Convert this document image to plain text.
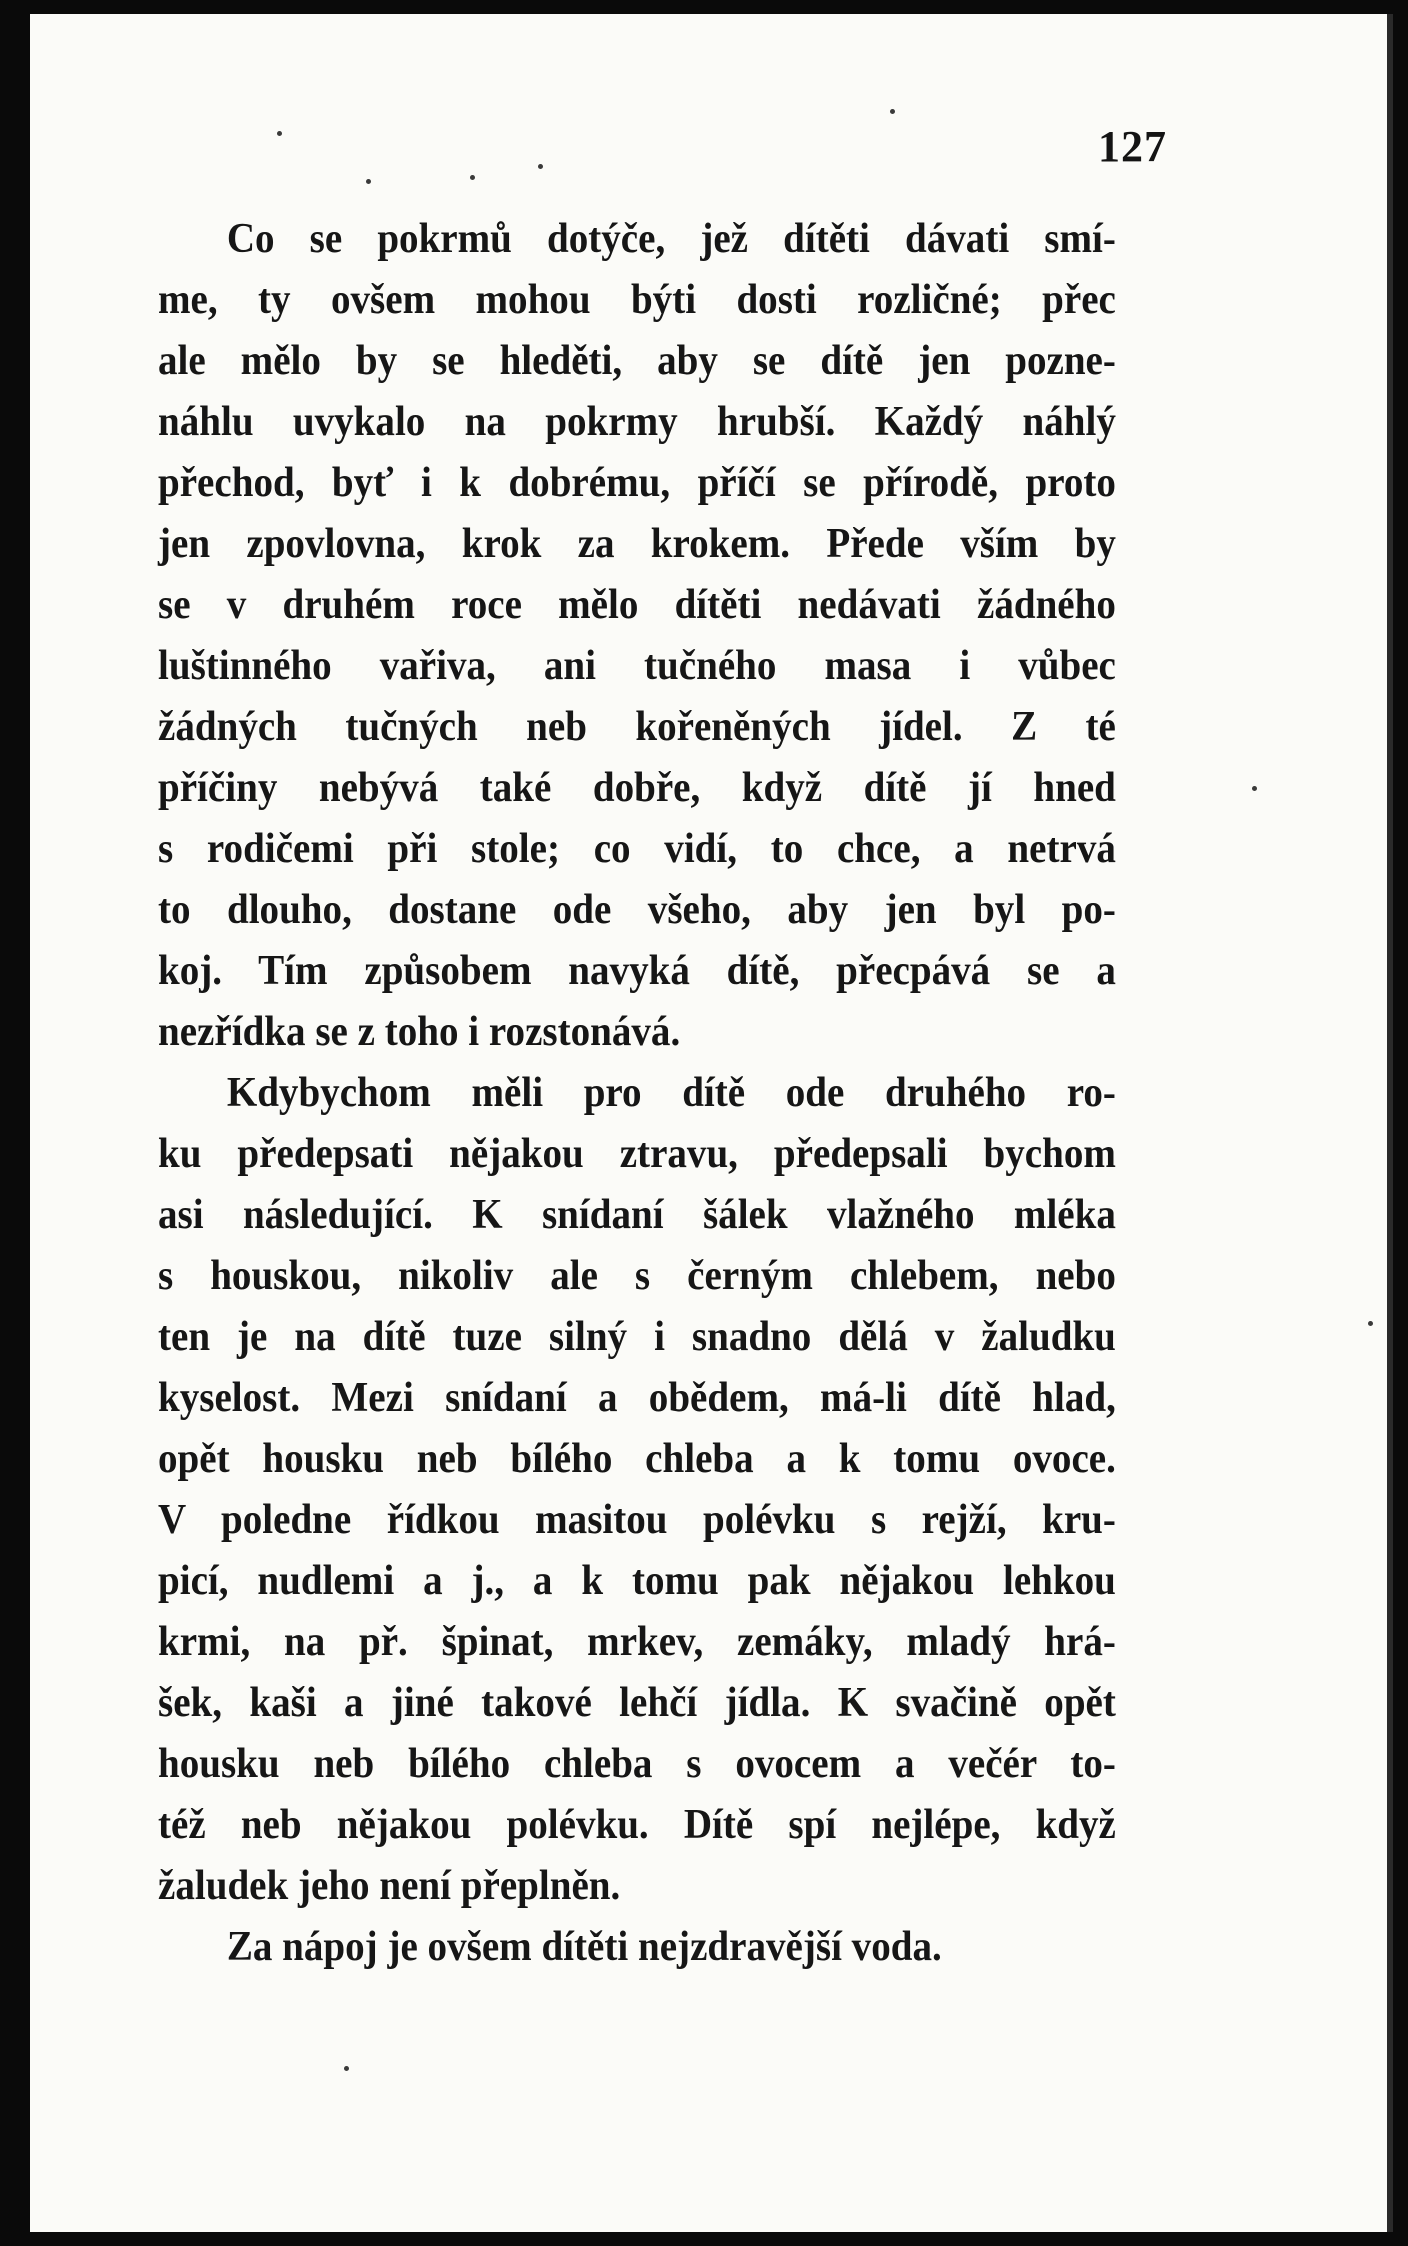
127

Co se pokrmů dotýče, jež dítěti dávati smí-
me, ty ovšem mohou býti dosti rozličné; přec
ale mělo by se hleděti, aby se dítě jen pozne-
náhlu uvykalo na pokrmy hrubší. Každý náhlý
přechod, byť i k dobrému, příčí se přírodě, proto
jen zpovlovna, krok za krokem. Přede vším by
se v druhém roce mělo dítěti nedávati žádného
luštinného vařiva, ani tučného masa i vůbec
žádných tučných neb kořeněných jídel. Z té
příčiny nebývá také dobře, když dítě jí hned
s rodičemi při stole; co vidí, to chce, a netrvá
to dlouho, dostane ode všeho, aby jen byl po-
koj. Tím způsobem navyká dítě, přecpává se a
nezřídka se z toho i rozstonává.

Kdybychom měli pro dítě ode druhého ro-
ku předepsati nějakou ztravu, předepsali bychom
asi následující. K snídaní šálek vlažného mléka
s houskou, nikoliv ale s černým chlebem, nebo
ten je na dítě tuze silný i snadno dělá v žaludku
kyselost. Mezi snídaní a obědem, má-li dítě hlad,
opět housku neb bílého chleba a k tomu ovoce.
V poledne řídkou masitou polévku s rejží, kru-
picí, nudlemi a j., a k tomu pak nějakou lehkou
krmi, na př. špinat, mrkev, zemáky, mladý hrá-
šek, kaši a jiné takové lehčí jídla. K svačině opět
housku neb bílého chleba s ovocem a večér to-
též neb nějakou polévku. Dítě spí nejlépe, když
žaludek jeho není přeplněn.

Za nápoj je ovšem dítěti nejzdravější voda.
